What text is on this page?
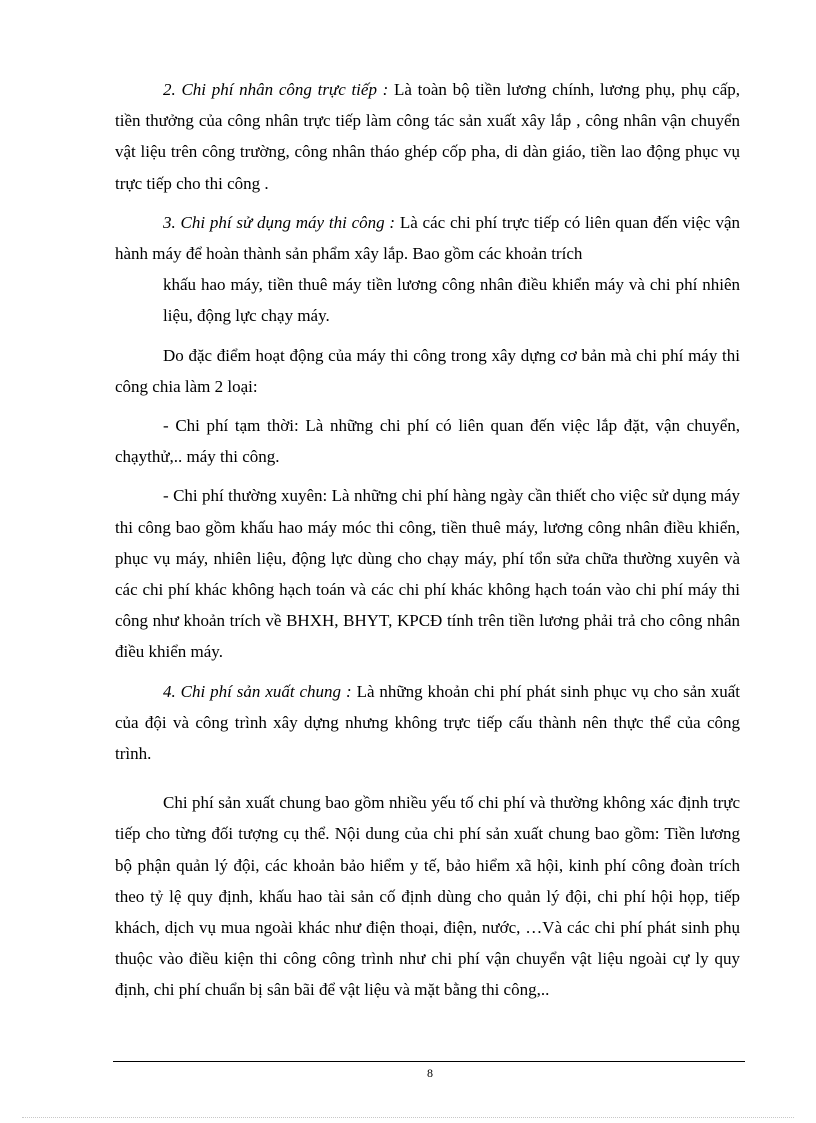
2. Chi phí nhân công trực tiếp : Là toàn bộ tiền lương chính, lương phụ, phụ cấp, tiền thưởng của công nhân trực tiếp làm công tác sản xuất xây lắp , công nhân vận chuyển vật liệu trên công trường, công nhân tháo ghép cốp pha, di dàn giáo, tiền lao động phục vụ trực tiếp cho thi công .

3. Chi phí sử dụng máy thi công : Là các chi phí trực tiếp có liên quan đến việc vận hành máy để hoàn thành sản phẩm xây lắp. Bao gồm các khoản trích

khấu hao máy, tiền thuê máy tiền lương công nhân điều khiển máy và chi phí nhiên liệu, động lực chạy máy.

Do đặc điểm hoạt động của máy thi công trong xây dựng cơ bản mà chi phí máy thi công chia làm 2 loại:

- Chi phí tạm thời: Là những chi phí có liên quan đến việc lắp đặt, vận chuyển, chạythử,.. máy thi công.

- Chi phí thường xuyên: Là những chi phí hàng ngày cần thiết cho việc sử dụng máy thi công bao gồm khấu hao máy móc thi công, tiền thuê máy, lương công nhân điều khiển, phục vụ máy, nhiên liệu, động lực dùng cho chạy máy, phí tổn sửa chữa thường xuyên và các chi phí khác không hạch toán và các chi phí khác không hạch toán vào chi phí máy thi công như khoản trích về BHXH, BHYT, KPCĐ tính trên tiền lương phải trả cho công nhân điều khiển máy.

4. Chi phí sản xuất chung : Là những khoản chi phí phát sinh phục vụ cho sản xuất của đội và công trình xây dựng nhưng không trực tiếp cấu thành nên thực thể của công trình.

Chi phí sản xuất chung bao gồm nhiều yếu tố chi phí và thường không xác định trực tiếp cho từng đối tượng cụ thể. Nội dung của chi phí sản xuất chung bao gồm: Tiền lương bộ phận quản lý đội, các khoản bảo hiểm y tế, bảo hiểm xã hội, kinh phí công đoàn trích theo tỷ lệ quy định, khấu hao tài sản cố định dùng cho quản lý đội, chi phí hội họp, tiếp khách, dịch vụ mua ngoài khác như điện thoại, điện, nước, …Và các chi phí phát sinh phụ thuộc vào điều kiện thi công công trình như chi phí vận chuyển vật liệu ngoài cự ly quy định, chi phí chuẩn bị sân bãi để vật liệu và mặt bằng thi công,..

8
